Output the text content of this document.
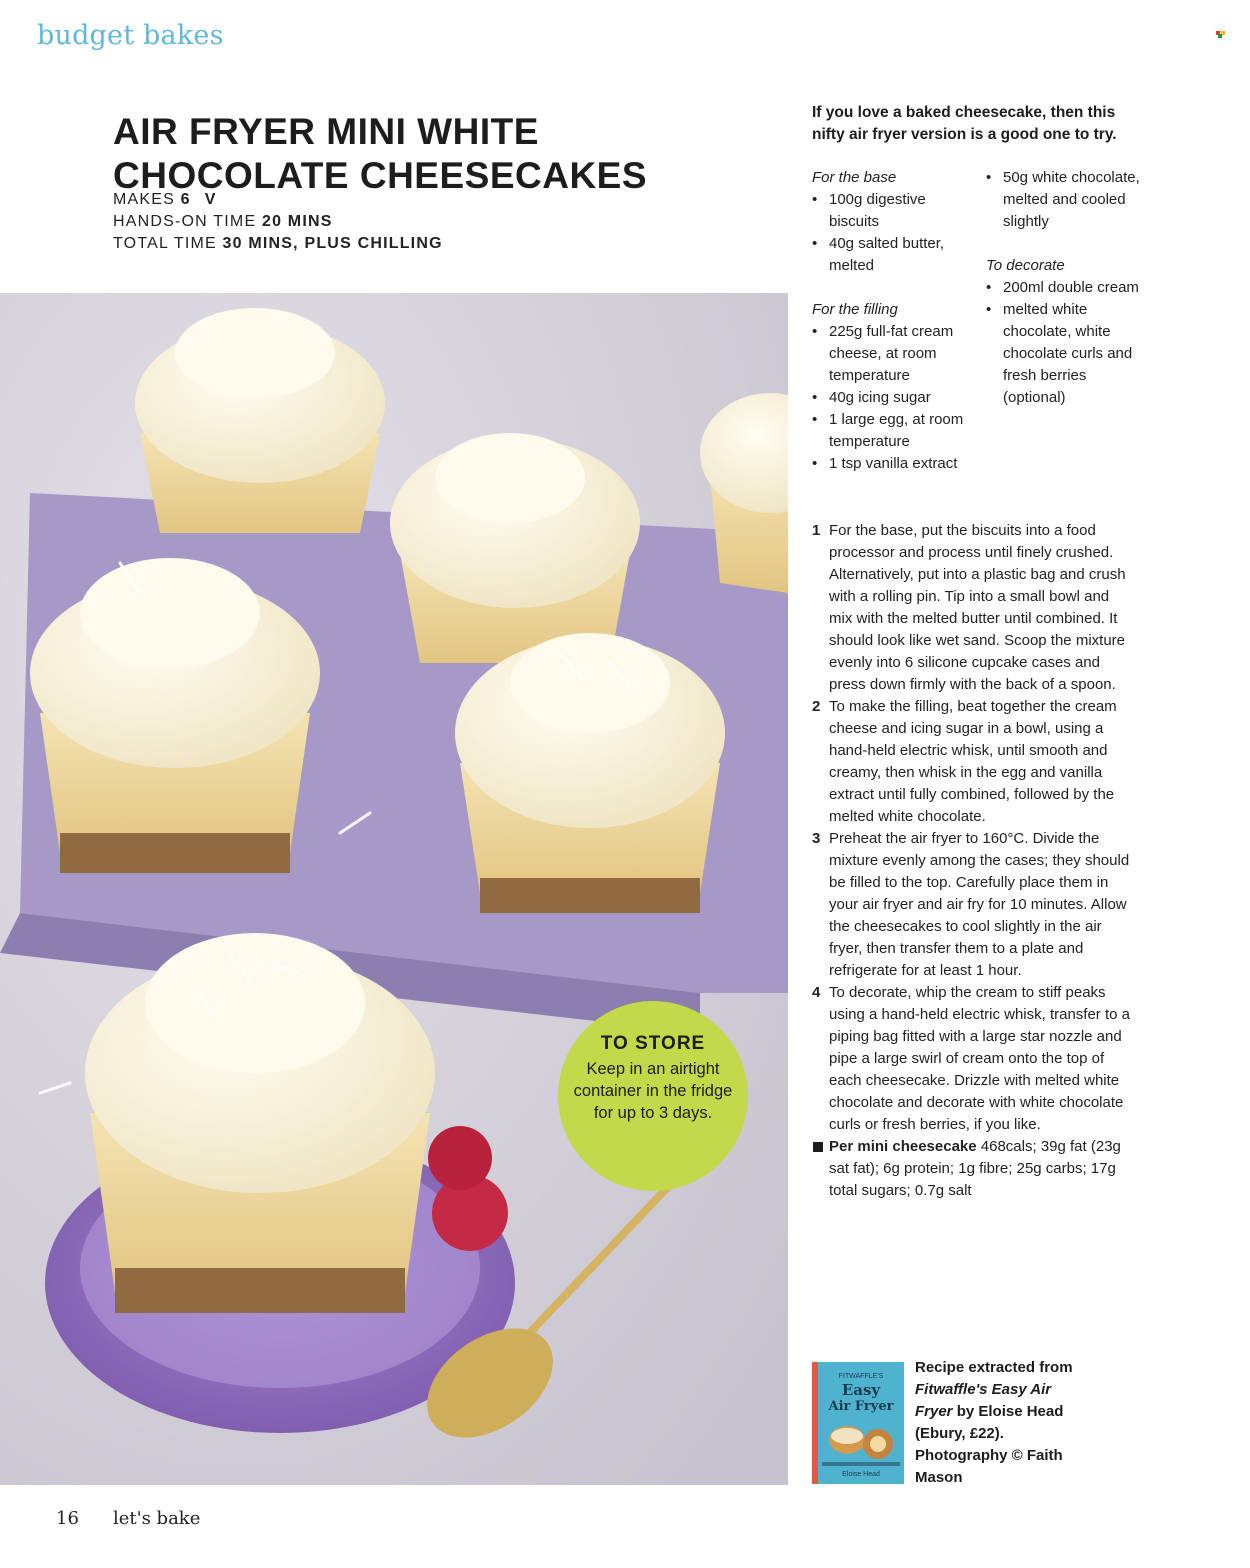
budget bakes
AIR FRYER MINI WHITE CHOCOLATE CHEESECAKES
MAKES 6 V
HANDS-ON TIME 20 MINS
TOTAL TIME 30 MINS, PLUS CHILLING
If you love a baked cheesecake, then this nifty air fryer version is a good one to try.
For the base
• 100g digestive biscuits
• 40g salted butter, melted
For the filling
• 225g full-fat cream cheese, at room temperature
• 40g icing sugar
• 1 large egg, at room temperature
• 1 tsp vanilla extract
• 50g white chocolate, melted and cooled slightly
To decorate
• 200ml double cream
• melted white chocolate, white chocolate curls and fresh berries (optional)
1 For the base, put the biscuits into a food processor and process until finely crushed. Alternatively, put into a plastic bag and crush with a rolling pin. Tip into a small bowl and mix with the melted butter until combined. It should look like wet sand. Scoop the mixture evenly into 6 silicone cupcake cases and press down firmly with the back of a spoon.
2 To make the filling, beat together the cream cheese and icing sugar in a bowl, using a hand-held electric whisk, until smooth and creamy, then whisk in the egg and vanilla extract until fully combined, followed by the melted white chocolate.
3 Preheat the air fryer to 160°C. Divide the mixture evenly among the cases; they should be filled to the top. Carefully place them in your air fryer and air fry for 10 minutes. Allow the cheesecakes to cool slightly in the air fryer, then transfer them to a plate and refrigerate for at least 1 hour.
4 To decorate, whip the cream to stiff peaks using a hand-held electric whisk, transfer to a piping bag fitted with a large star nozzle and pipe a large swirl of cream onto the top of each cheesecake. Drizzle with melted white chocolate and decorate with white chocolate curls or fresh berries, if you like.
Per mini cheesecake 468cals; 39g fat (23g sat fat); 6g protein; 1g fibre; 25g carbs; 17g total sugars; 0.7g salt
TO STORE
Keep in an airtight container in the fridge for up to 3 days.
FITWAFFLE'S
Easy
Air Fryer
Eloise Head
Recipe extracted from Fitwaffle's Easy Air Fryer by Eloise Head (Ebury, £22). Photography © Faith Mason
16 let's bake
